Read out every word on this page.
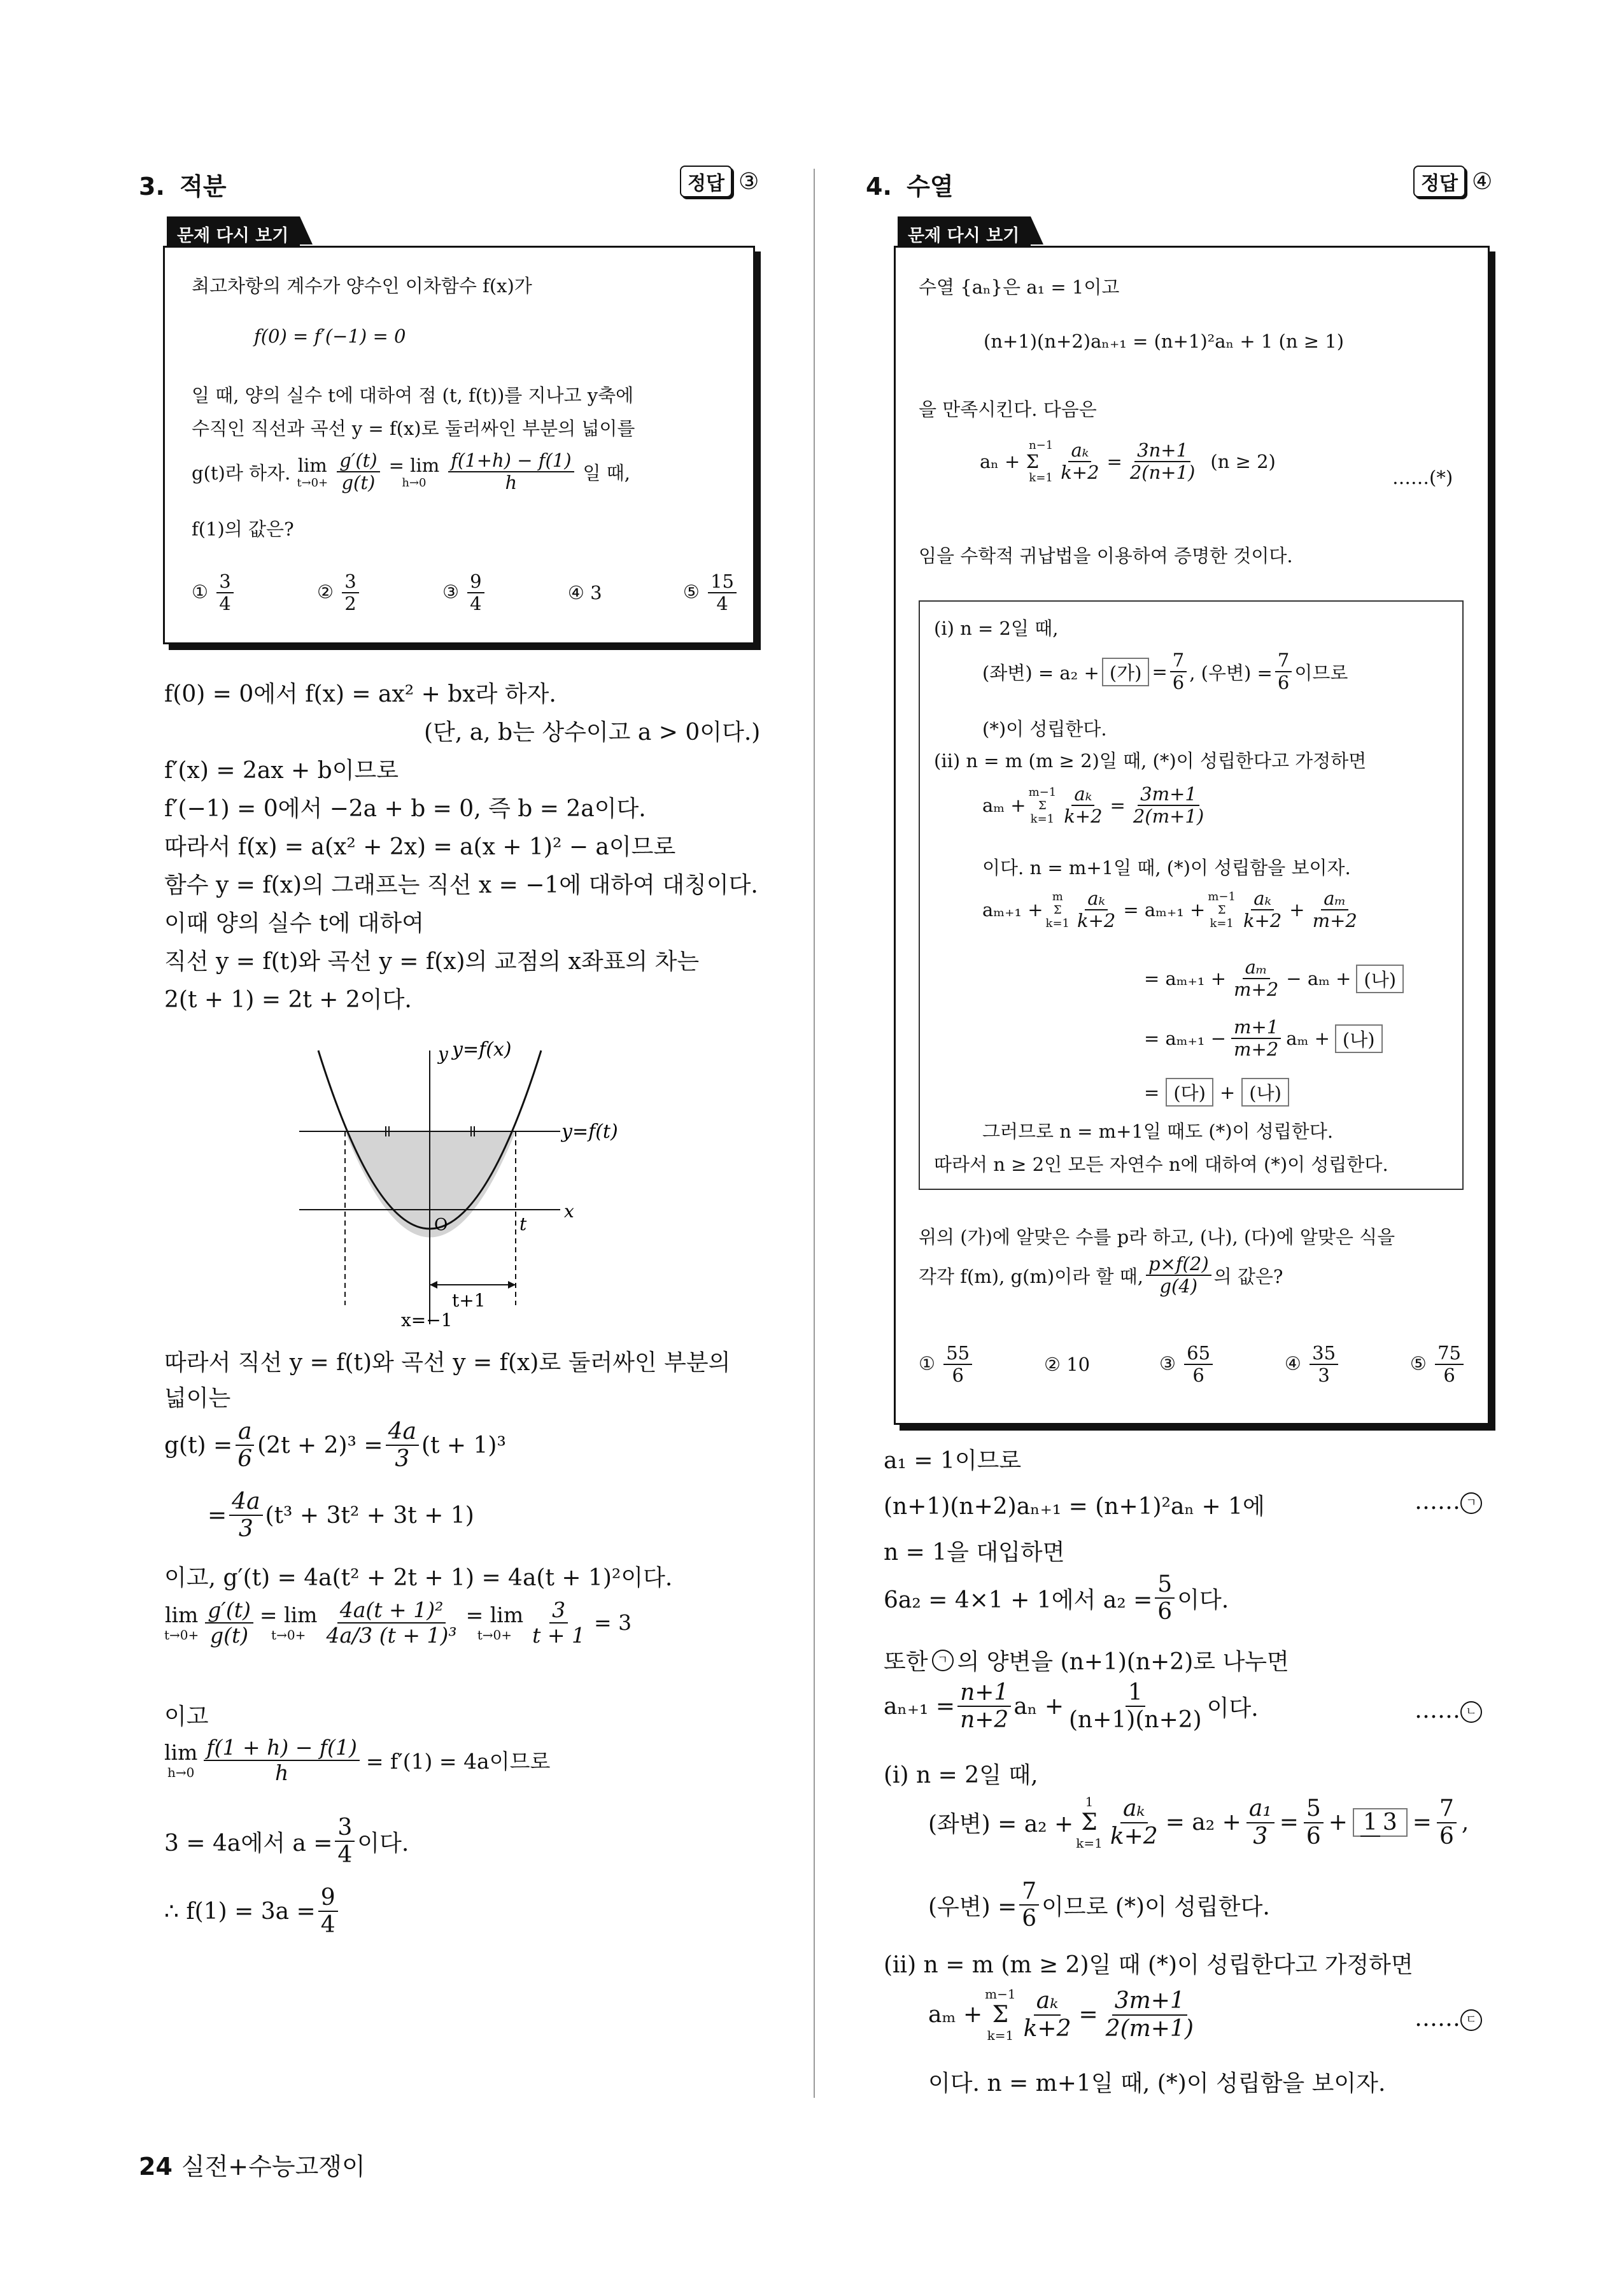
3. 적분	정답 ③
문제 다시 보기
최고차항의 계수가 양수인 이차함수 f(x)가
f(0) = f′(−1) = 0
일 때, 양의 실수 t에 대하여 점 (t, f(t))를 지나고 y축에
수직인 직선과 곡선 y = f(x)로 둘러싸인 부분의 넓이를
g(t)라 하자. lim
$t\to 0+ \frac{g'(t)}{g(t)} = \lim$
$h\to 0 \frac{f(1+h) - f(1)}{h}$ 일 때,
f(1)의 값은?
① $\frac{3}{4}$	② $\frac{3}{2}$	③ $\frac{9}{4}$	④ 3	⑤ $\frac{15}{4}$
f(0) = 0에서 f(x) = ax² + bx라 하자.
(단, a, b는 상수이고 a > 0이다.)
f′(x) = 2ax + b이므로
f′(−1) = 0에서 −2a + b = 0, 즉 b = 2a이다.
따라서 f(x) = a(x² + 2x) = a(x + 1)² − a이므로
함수 y = f(x)의 그래프는 직선 x = −1에 대하여 대칭이다.
이때 양의 실수 t에 대하여
직선 y = f(t)와 곡선 y = f(x)의 교점의 x좌표의 차는
2(t + 1) = 2t + 2이다.
y y=f(x)
y=f(t)
x
O	t
t+1
x=−1
따라서 직선 y = f(t)와 곡선 y = f(x)로 둘러싸인 부분의
넓이는
$g(t) = \frac{a}{6} (2t + 2)^3 = \frac{4a}{3} (t + 1)^3$
= $\frac{4a}{3} (t^3 + 3t^2 + 3t + 1)$
이고, g′(t) = 4a(t² + 2t + 1) = 4a(t + 1)²이다.
lim
$t\to 0+ \frac{g'(t)}{g(t)} = \lim$
$t\to 0+ \frac{\text{4a(t + 1)²}}{\text{4a/3 (t + 1)³}} = \lim$
$t\to 0+ \frac{3}{t + 1} = 3$
이고
lim
$h\to 0 \frac{f(1 + h) - f(1)}{h} = f'(1) = 4a$이므로
3 = 4a에서 $a = \frac{3}{4}$ 이다.
∴ $f(1) = 3a = \frac{9}{4}$
4. 수열	정답 ④
문제 다시 보기
수열 {aₙ}은 a₁ = 1이고
(n+1)(n+2)aₙ₊₁ = (n+1)²aₙ + 1 (n ≥ 1)
을 만족시킨다. 다음은
aₙ + Σ
n−1
$k=1 \frac{\text{aₖ}}{k+2} = \frac{3n+1}{2(n+1)} (n \ge 2)$
……(*)
임을 수학적 귀납법을 이용하여 증명한 것이다.
(ⅰ) n = 2일 때,
(좌변) = a₂ + (가) = $\frac{7}{6}$ , (우변) = $\frac{7}{6}$ 이므로
(*)이 성립한다.
(ⅱ) n = m (m ≥ 2)일 때, (*)이 성립한다고 가정하면
aₘ +
m−1
Σ
$k=1 \frac{\text{aₖ}}{k+2} = \frac{3m+1}{2(m+1)}$
이다. n = m+1일 때, (*)이 성립함을 보이자.
aₘ₊₁ +
m
Σ
$k=1 \frac{\text{aₖ}}{k+2} = a_{m+1}$ +
m−1
Σ
$k=1 \frac{\text{aₖ}}{k+2} + \frac{\text{aₘ}}{m+2}$
= $a_{m+1} + \frac{\text{aₘ}}{m+2} - a_m$ + (나)
= $a_{m+1} - \frac{m+1}{m+2}$ aₘ + (나)
= (다) + (나)
그러므로 n = m+1일 때도 (*)이 성립한다.
따라서 n ≥ 2인 모든 자연수 n에 대하여 (*)이 성립한다.
위의 (가)에 알맞은 수를 p라 하고, (나), (다)에 알맞은 식을
각각 f(m), g(m)이라 할 때, $\frac{p\times f(2)}{g(4)}$ 의 값은?
① $\frac{55}{6}$	② 10	③ $\frac{65}{6}$	④ $\frac{35}{3}$	⑤ $\frac{75}{6}$
a₁ = 1이므로
(n+1)(n+2)aₙ₊₁ = (n+1)²aₙ + 1에	…… ㄱ
n = 1을 대입하면
6a₂ = 4×1 + 1에서 $a_2 = \frac{5}{6}$ 이다.
또한 ㄱ 의 양변을 (n+1)(n+2)로 나누면
$a_{n+1} = \frac{n+1}{n+2}$ $a_n + \frac{1}{(n+1)(n+2)}$ 이다.	…… ㄴ
(ⅰ) n = 2일 때,
(좌변) = a₂ +
1
Σ
$k=1 \frac{\text{aₖ}}{k+2} = a_2 + \frac{\text{a₁}}{3} = \frac{5}{6} + 1$ $3 = \frac{7}{6}$ ,
(우변) = $\frac{7}{6}$ 이므로 (*)이 성립한다.
(ⅱ) n = m (m ≥ 2)일 때 (*)이 성립한다고 가정하면
aₘ +
m−1
Σ
$k=1 \frac{\text{aₖ}}{k+2} = \frac{3m+1}{2(m+1)}$	…… ㄷ
이다. n = m+1일 때, (*)이 성립함을 보이자.
24 실전+수능고쟁이
